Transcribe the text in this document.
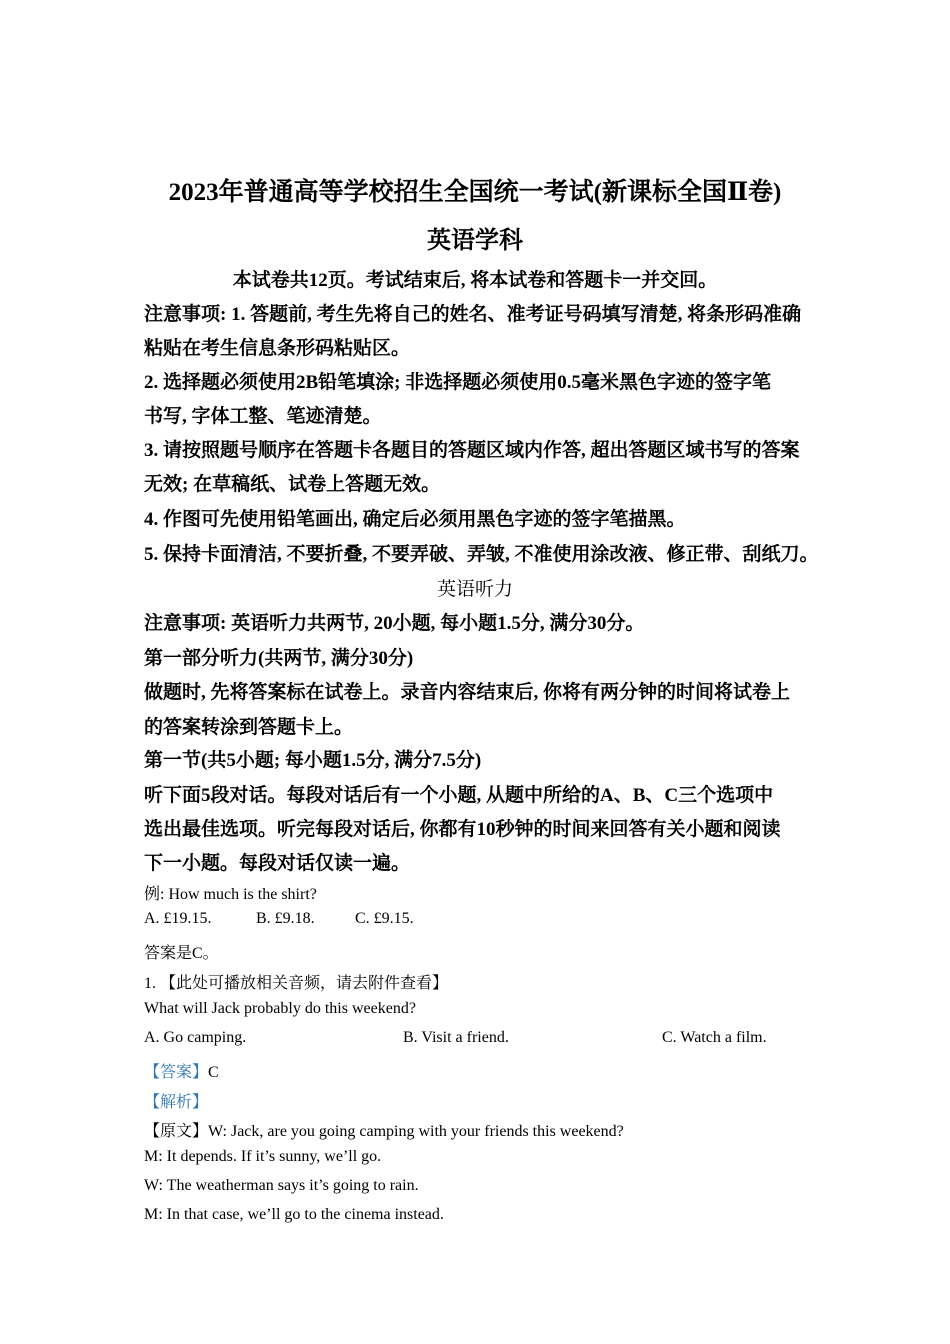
2023年普通高等学校招生全国统一考试(新课标全国Ⅱ卷)
英语学科
本试卷共12页。考试结束后, 将本试卷和答题卡一并交回。
注意事项: 1. 答题前, 考生先将自己的姓名、准考证号码填写清楚, 将条形码准确
粘贴在考生信息条形码粘贴区。
2. 选择题必须使用2B铅笔填涂; 非选择题必须使用0.5毫米黑色字迹的签字笔
书写, 字体工整、笔迹清楚。
3. 请按照题号顺序在答题卡各题目的答题区域内作答, 超出答题区域书写的答案
无效; 在草稿纸、试卷上答题无效。
4. 作图可先使用铅笔画出, 确定后必须用黑色字迹的签字笔描黑。
5. 保持卡面清洁, 不要折叠, 不要弄破、弄皱, 不准使用涂改液、修正带、刮纸刀。
英语听力
注意事项: 英语听力共两节, 20小题, 每小题1.5分, 满分30分。
第一部分听力(共两节, 满分30分)
做题时, 先将答案标在试卷上。录音内容结束后, 你将有两分钟的时间将试卷上
的答案转涂到答题卡上。
第一节(共5小题; 每小题1.5分, 满分7.5分)
听下面5段对话。每段对话后有一个小题, 从题中所给的A、B、C三个选项中
选出最佳选项。听完每段对话后, 你都有10秒钟的时间来回答有关小题和阅读
下一小题。每段对话仅读一遍。
例: How much is the shirt?
A. £19.15.	B. £9.18.	C. £9.15.
答案是C。
1. 【此处可播放相关音频，请去附件查看】
What will Jack probably do this weekend?
A. Go camping.	B. Visit a friend.	C. Watch a film.
【答案】C
【解析】
【原文】W: Jack, are you going camping with your friends this weekend?
M: It depends. If it’s sunny, we’ll go.
W: The weatherman says it’s going to rain.
M: In that case, we’ll go to the cinema instead.
